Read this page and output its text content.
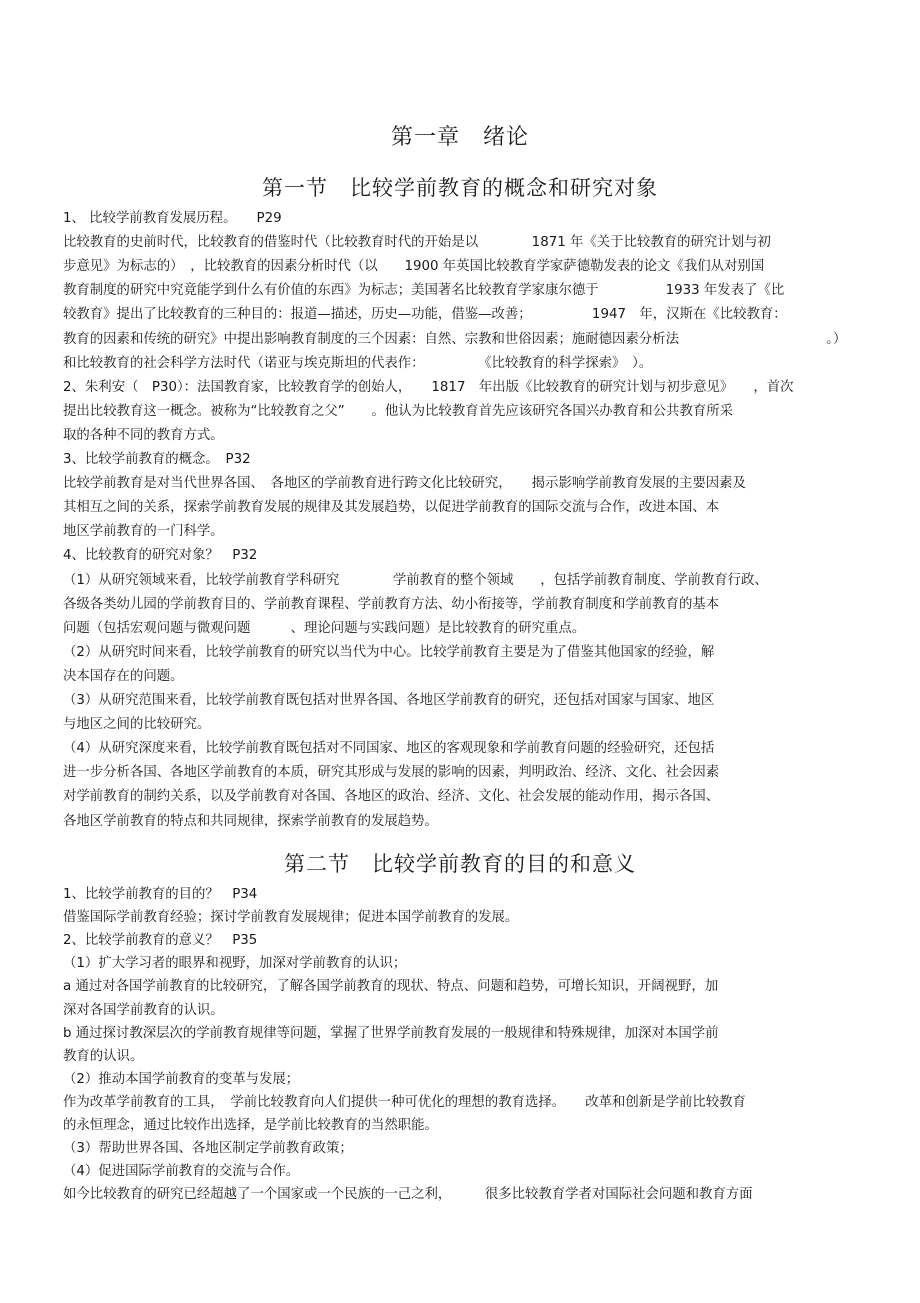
第一章　绪论
第一节　比较学前教育的概念和研究对象
1、 比较学前教育发展历程。　　P29
比较教育的史前时代，比较教育的借鉴时代（比较教育时代的开始是以　　　　1871 年《关于比较教育的研究计划与初
步意见》为标志的）　，比较教育的因素分析时代（以　　1900 年英国比较教育学家萨德勒发表的论文《我们从对别国
教育制度的研究中究竟能学到什么有价值的东西》为标志；美国著名比较教育学家康尔德于　　　　　1933 年发表了《比
较教育》提出了比较教育的三种目的：报道—描述，历史—功能，借鉴—改善；　　　　　1947　年，汉斯在《比较教育：
教育的因素和传统的研究》中提出影响教育制度的三个因素：自然、宗教和世俗因素；施耐德因素分析法　　　　　　　　　　　。）
和比较教育的社会科学方法时代（诺亚与埃克斯坦的代表作：　　　　　《比较教育的科学探索》　）。
2、朱利安（　P30）：法国教育家，比较教育学的创始人，　　1817　年出版《比较教育的研究计划与初步意见》　　，首次
提出比较教育这一概念。被称为“比较教育之父”　　。他认为比较教育首先应该研究各国兴办教育和公共教育所采
取的各种不同的教育方式。
3、比较学前教育的概念。　P32
比较学前教育是对当代世界各国、　各地区的学前教育进行跨文化比较研究，　　揭示影响学前教育发展的主要因素及
其相互之间的关系，探索学前教育发展的规律及其发展趋势，以促进学前教育的国际交流与合作，改进本国、本
地区学前教育的一门科学。
4、比较教育的研究对象？　P32
（1）从研究领域来看，比较学前教育学科研究　　　　学前教育的整个领域　　，包括学前教育制度、学前教育行政、
各级各类幼儿园的学前教育目的、学前教育课程、学前教育方法、幼小衔接等，学前教育制度和学前教育的基本
问题（包括宏观问题与微观问题　　　、理论问题与实践问题）是比较教育的研究重点。
（2）从研究时间来看，比较学前教育的研究以当代为中心。比较学前教育主要是为了借鉴其他国家的经验，解
决本国存在的问题。
（3）从研究范围来看，比较学前教育既包括对世界各国、各地区学前教育的研究，还包括对国家与国家、地区
与地区之间的比较研究。
（4）从研究深度来看，比较学前教育既包括对不同国家、地区的客观现象和学前教育问题的经验研究，还包括
进一步分析各国、各地区学前教育的本质，研究其形成与发展的影响的因素，判明政治、经济、文化、社会因素
对学前教育的制约关系，以及学前教育对各国、各地区的政治、经济、文化、社会发展的能动作用，揭示各国、
各地区学前教育的特点和共同规律，探索学前教育的发展趋势。
第二节　比较学前教育的目的和意义
1、比较学前教育的目的？　P34
借鉴国际学前教育经验；探讨学前教育发展规律；促进本国学前教育的发展。
2、比较学前教育的意义？　P35
（1）扩大学习者的眼界和视野，加深对学前教育的认识；
a 通过对各国学前教育的比较研究，了解各国学前教育的现状、特点、问题和趋势，可增长知识，开阔视野，加
深对各国学前教育的认识。
b 通过探讨教深层次的学前教育规律等问题，掌握了世界学前教育发展的一般规律和特殊规律，加深对本国学前
教育的认识。
（2）推动本国学前教育的变革与发展；
作为改革学前教育的工具，　学前比较教育向人们提供一种可优化的理想的教育选择。　　改革和创新是学前比较教育
的永恒理念，通过比较作出选择，是学前比较教育的当然职能。
（3）帮助世界各国、各地区制定学前教育政策；
（4）促进国际学前教育的交流与合作。
如今比较教育的研究已经超越了一个国家或一个民族的一己之利，　　　很多比较教育学者对国际社会问题和教育方面
